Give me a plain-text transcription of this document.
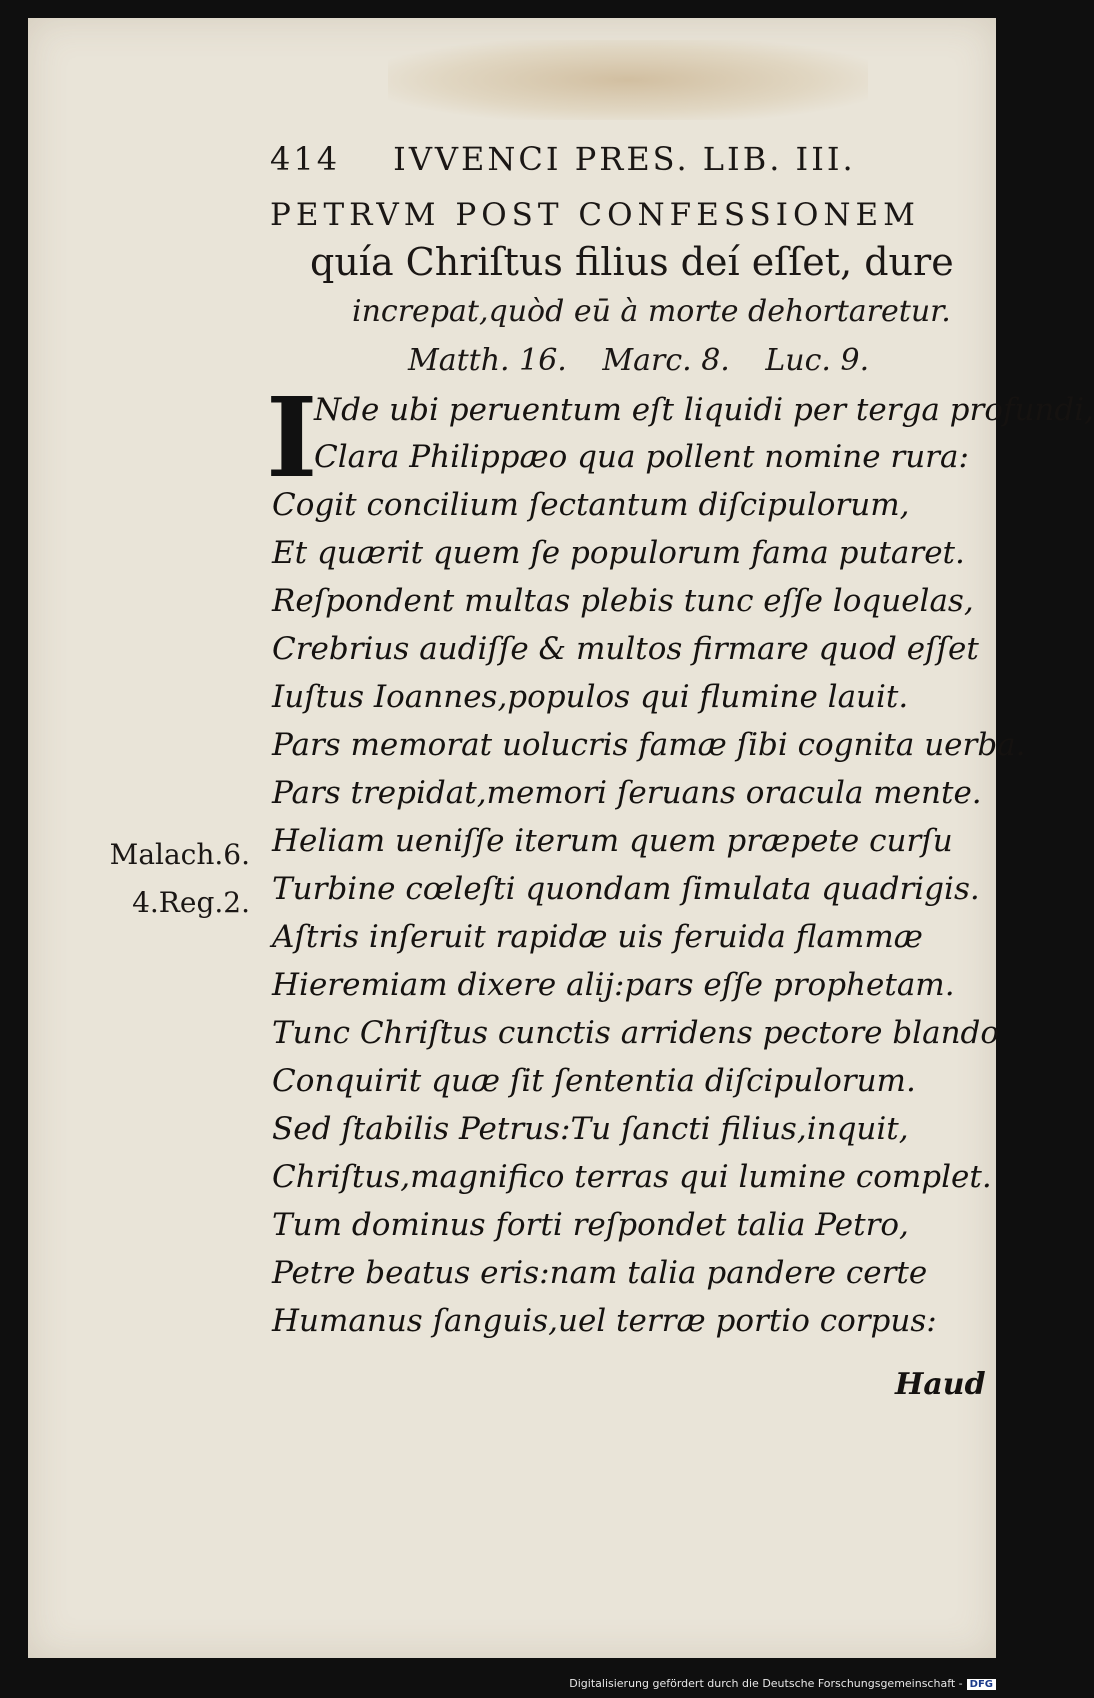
414 IVVENCI PRES. LIB. III.
PETRVM POST CONFESSIONEM
quía Chriſtus filius deí eſſet, dure
increpat,quòd eū à morte dehortaretur.
Matth. 16. Marc. 8. Luc. 9.
I
Nde ubi peruentum eſt liquidi per terga profundi,
Clara Philippæo qua pollent nomine rura:
Cogit concilium ſectantum diſcipulorum,
Et quærit quem ſe populorum fama putaret.
Reſpondent multas plebis tunc eſſe loquelas,
Crebrius audiſſe & multos firmare quod eſſet
Iuſtus Ioannes,populos qui flumine lauit.
Pars memorat uolucris famæ ſibi cognita uerba.
Pars trepidat,memori ſeruans oracula mente.
Heliam ueniſſe iterum quem præpete curſu
Turbine cœleſti quondam ſimulata quadrigis.
Aſtris inſeruit rapidæ uis feruida flammæ
Hieremiam dixere alij:pars eſſe prophetam.
Tunc Chriſtus cunctis arridens pectore blando
Conquirit quæ ſit ſententia diſcipulorum.
Sed ſtabilis Petrus:Tu ſancti filius,inquit,
Chriſtus,magnifico terras qui lumine complet.
Tum dominus forti reſpondet talia Petro,
Petre beatus eris:nam talia pandere certe
Humanus ſanguis,uel terræ portio corpus:
Malach.6.
4.Reg.2.
Haud
Digitalisierung gefördert durch die Deutsche Forschungsgemeinschaft - DFG
